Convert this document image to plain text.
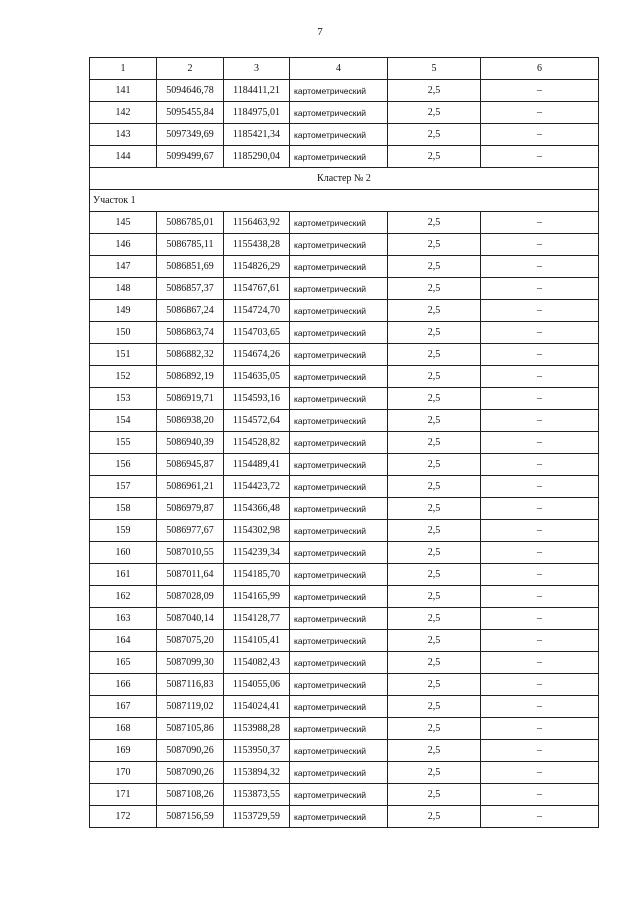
7
1	2	3	4	5	6
141	5094646,78	1184411,21	картометрический	2,5	–
142	5095455,84	1184975,01	картометрический	2,5	–
143	5097349,69	1185421,34	картометрический	2,5	–
144	5099499,67	1185290,04	картометрический	2,5	–
Кластер № 2					
Участок 1					
145	5086785,01	1156463,92	картометрический	2,5	–
146	5086785,11	1155438,28	картометрический	2,5	–
147	5086851,69	1154826,29	картометрический	2,5	–
148	5086857,37	1154767,61	картометрический	2,5	–
149	5086867,24	1154724,70	картометрический	2,5	–
150	5086863,74	1154703,65	картометрический	2,5	–
151	5086882,32	1154674,26	картометрический	2,5	–
152	5086892,19	1154635,05	картометрический	2,5	–
153	5086919,71	1154593,16	картометрический	2,5	–
154	5086938,20	1154572,64	картометрический	2,5	–
155	5086940,39	1154528,82	картометрический	2,5	–
156	5086945,87	1154489,41	картометрический	2,5	–
157	5086961,21	1154423,72	картометрический	2,5	–
158	5086979,87	1154366,48	картометрический	2,5	–
159	5086977,67	1154302,98	картометрический	2,5	–
160	5087010,55	1154239,34	картометрический	2,5	–
161	5087011,64	1154185,70	картометрический	2,5	–
162	5087028,09	1154165,99	картометрический	2,5	–
163	5087040,14	1154128,77	картометрический	2,5	–
164	5087075,20	1154105,41	картометрический	2,5	–
165	5087099,30	1154082,43	картометрический	2,5	–
166	5087116,83	1154055,06	картометрический	2,5	–
167	5087119,02	1154024,41	картометрический	2,5	–
168	5087105,86	1153988,28	картометрический	2,5	–
169	5087090,26	1153950,37	картометрический	2,5	–
170	5087090,26	1153894,32	картометрический	2,5	–
171	5087108,26	1153873,55	картометрический	2,5	–
172	5087156,59	1153729,59	картометрический	2,5	–
